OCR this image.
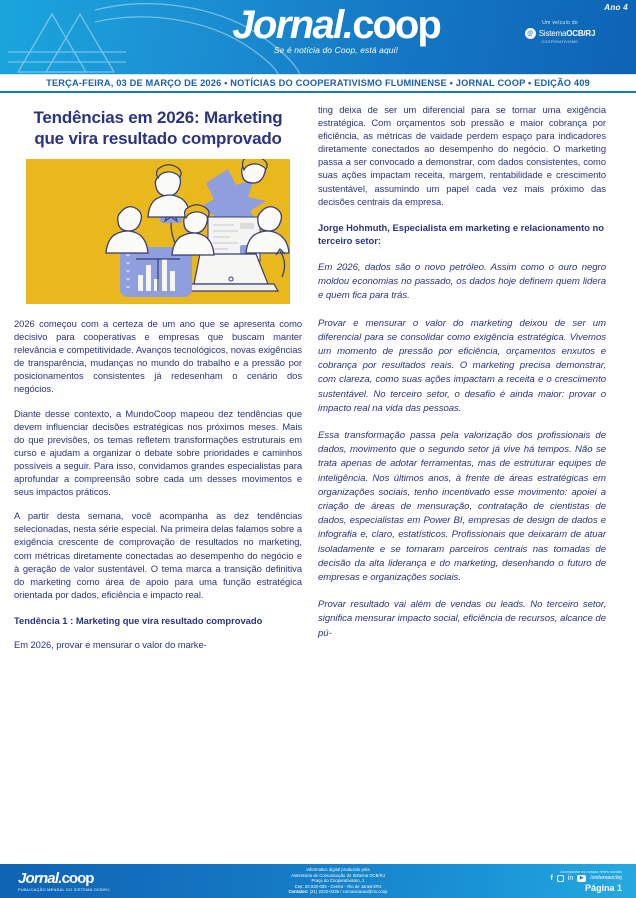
Ano 4
Jornal.coop
Se é notícia do Coop, está aqui!
Um veículo do
@ SistemaOCB/RJ
COOPERATIVISMO
TERÇA-FEIRA, 03 DE MARÇO DE 2026 • NOTÍCIAS DO COOPERATIVISMO FLUMINENSE • JORNAL COOP • EDIÇÃO 409
Tendências em 2026: Marketing que vira resultado comprovado

2026 começou com a certeza de um ano que se apresenta como decisivo para cooperativas e empresas que buscam manter relevância e competitividade. Avanços tecnológicos, novas exigências de transparência, mudanças no mundo do trabalho e a pressão por posicionamentos consistentes já redesenham o cenário dos negócios.

Diante desse contexto, a MundoCoop mapeou dez tendências que devem influenciar decisões estratégicas nos próximos meses. Mais do que previsões, os temas refletem transformações estruturais em curso e ajudam a organizar o debate sobre prioridades e caminhos possíveis a seguir. Para isso, convidamos grandes especialistas para aprofundar a compreensão sobre cada um desses movimentos e seus impactos práticos.

A partir desta semana, você acompanha as dez tendências selecionadas, nesta série especial. Na primeira delas falamos sobre a exigência crescente de comprovação de resultados no marketing, com métricas diretamente conectadas ao desempenho do negócio e à geração de valor sustentável. O tema marca a transição definitiva do marketing como área de apoio para uma função estratégica orientada por dados, eficiência e impacto real.

Tendência 1 : Marketing que vira resultado comprovado

Em 2026, provar e mensurar o valor do marke-

ting deixa de ser um diferencial para se tornar uma exigência estratégica. Com orçamentos sob pressão e maior cobrança por eficiência, as métricas de vaidade perdem espaço para indicadores diretamente conectados ao desempenho do negócio. O marketing passa a ser convocado a demonstrar, com dados consistentes, como suas ações impactam receita, margem, rentabilidade e crescimento sustentável, assumindo um papel cada vez mais próximo das decisões centrais da empresa.

Jorge Hohmuth, Especialista em marketing e relacionamento no terceiro setor:

Em 2026, dados são o novo petróleo. Assim como o ouro negro moldou economias no passado, os dados hoje definem quem lidera e quem fica para trás.

Provar e mensurar o valor do marketing deixou de ser um diferencial para se consolidar como exigência estratégica. Vivemos um momento de pressão por eficiência, orçamentos enxutos e cobrança por resultados reais. O marketing precisa demonstrar, com clareza, como suas ações impactam a receita e o crescimento sustentável. No terceiro setor, o desafio é ainda maior: provar o impacto real na vida das pessoas.

Essa transformação passa pela valorização dos profissionais de dados, movimento que o segundo setor já vive há tempos. Não se trata apenas de adotar ferramentas, mas de estruturar equipes de inteligência. Nos últimos anos, à frente de áreas estratégicas em organizações sociais, tenho incentivado esse movimento: apoiei a criação de áreas de mensuração, contratação de cientistas de dados, especialistas em Power BI, empresas de design de dados e infografia e, claro, estatísticos. Profissionais que deixaram de atuar isoladamente e se tornaram parceiros centrais nas tomadas de decisão da alta liderança e do marketing, desenhando o futuro de empresas e organizações sociais.

Provar resultado vai além de vendas ou leads. No terceiro setor, significa mensurar impacto social, eficiência de recursos, alcance de pú-

Jornal.coop
PUBLICAÇÃO MENSAL DO SISTEMA OCB/RJ
Informativo digital produzido pela
Assessoria de Comunicação do Sistema OCB/RJ
Praça do Cooperativismo, 1
Cep: 20.030-005 - Centro - Rio de Janeiro/RJ
Contatos: (21) 2232-0335 / comunicacao@rio.coop
Acompanhe as nossas redes sociais
f in	▶	/sistemaocbrj
Página 1
